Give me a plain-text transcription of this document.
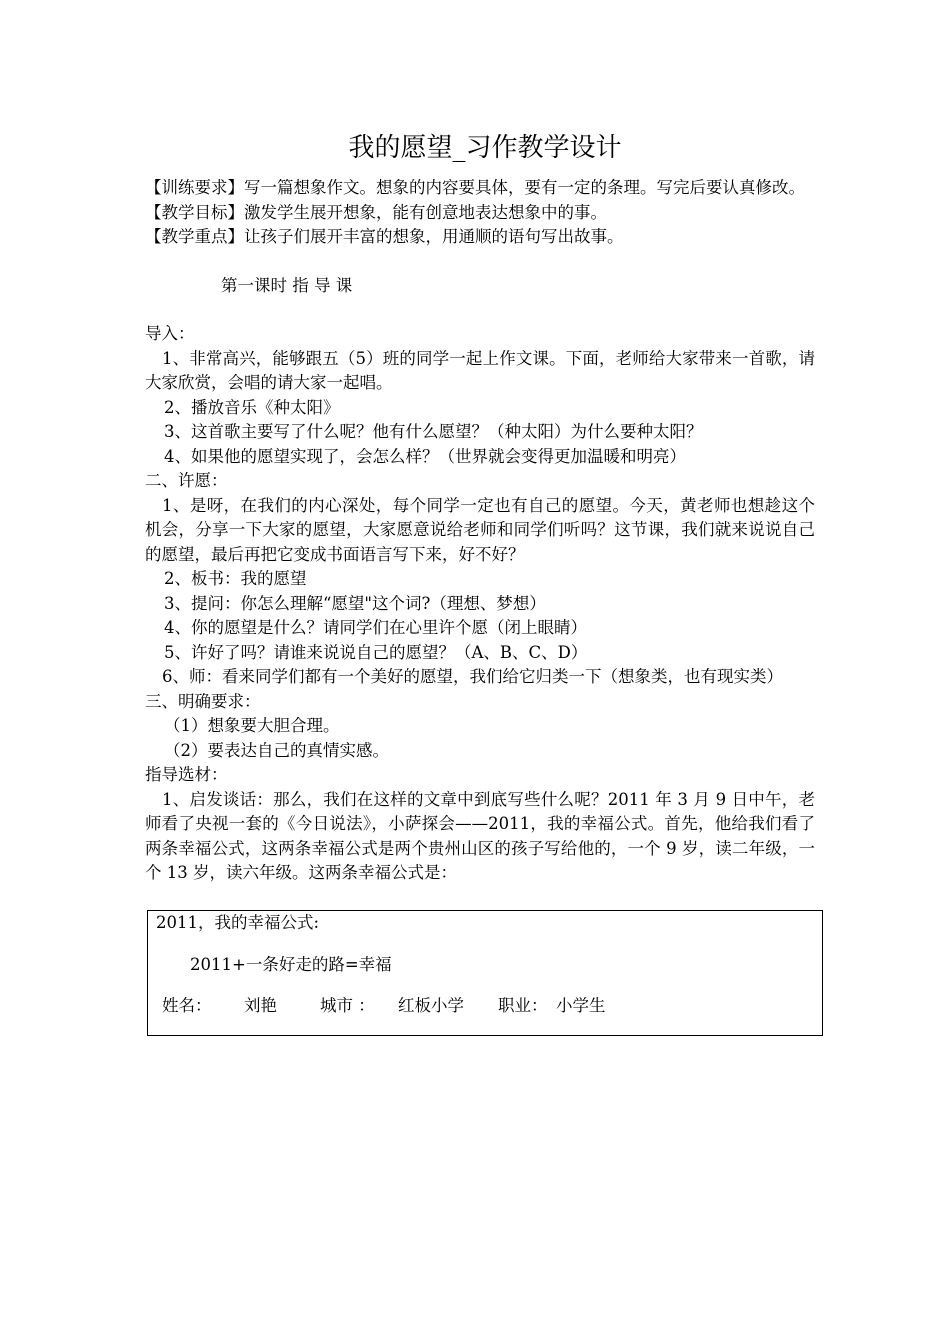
我的愿望_习作教学设计

【训练要求】写一篇想象作文。想象的内容要具体，要有一定的条理。写完后要认真修改。

【教学目标】激发学生展开想象，能有创意地表达想象中的事。

【教学重点】让孩子们展开丰富的想象，用通顺的语句写出故事。

第一课时 指 导 课

导入：

1、非常高兴，能够跟五（5）班的同学一起上作文课。下面，老师给大家带来一首歌，请大家欣赏，会唱的请大家一起唱。

2、播放音乐《种太阳》

3、这首歌主要写了什么呢？他有什么愿望？（种太阳）为什么要种太阳？

4、如果他的愿望实现了，会怎么样？（世界就会变得更加温暖和明亮）

二、许愿：

1、是呀，在我们的内心深处，每个同学一定也有自己的愿望。今天，黄老师也想趁这个机会，分享一下大家的愿望，大家愿意说给老师和同学们听吗？这节课，我们就来说说自己的愿望，最后再把它变成书面语言写下来，好不好？

2、板书：我的愿望

3、提问：你怎么理解“愿望"这个词?（理想、梦想）

4、你的愿望是什么？请同学们在心里许个愿（闭上眼睛）

5、许好了吗？请谁来说说自己的愿望？（A、B、C、D）

6、师：看来同学们都有一个美好的愿望，我们给它归类一下（想象类，也有现实类）

三、明确要求：

（1）想象要大胆合理。

（2）要表达自己的真情实感。

指导选材：

1、启发谈话：那么，我们在这样的文章中到底写些什么呢？2011 年 3 月 9 日中午，老师看了央视一套的《今日说法》，小萨探会——2011，我的幸福公式。首先，他给我们看了两条幸福公式，这两条幸福公式是两个贵州山区的孩子写给他的，一个 9 岁，读二年级，一个 13 岁，读六年级。这两条幸福公式是：

2011，我的幸福公式:
2011+一条好走的路=幸福
姓名： 刘艳	城市 ： 红板小学 职业： 小学生
